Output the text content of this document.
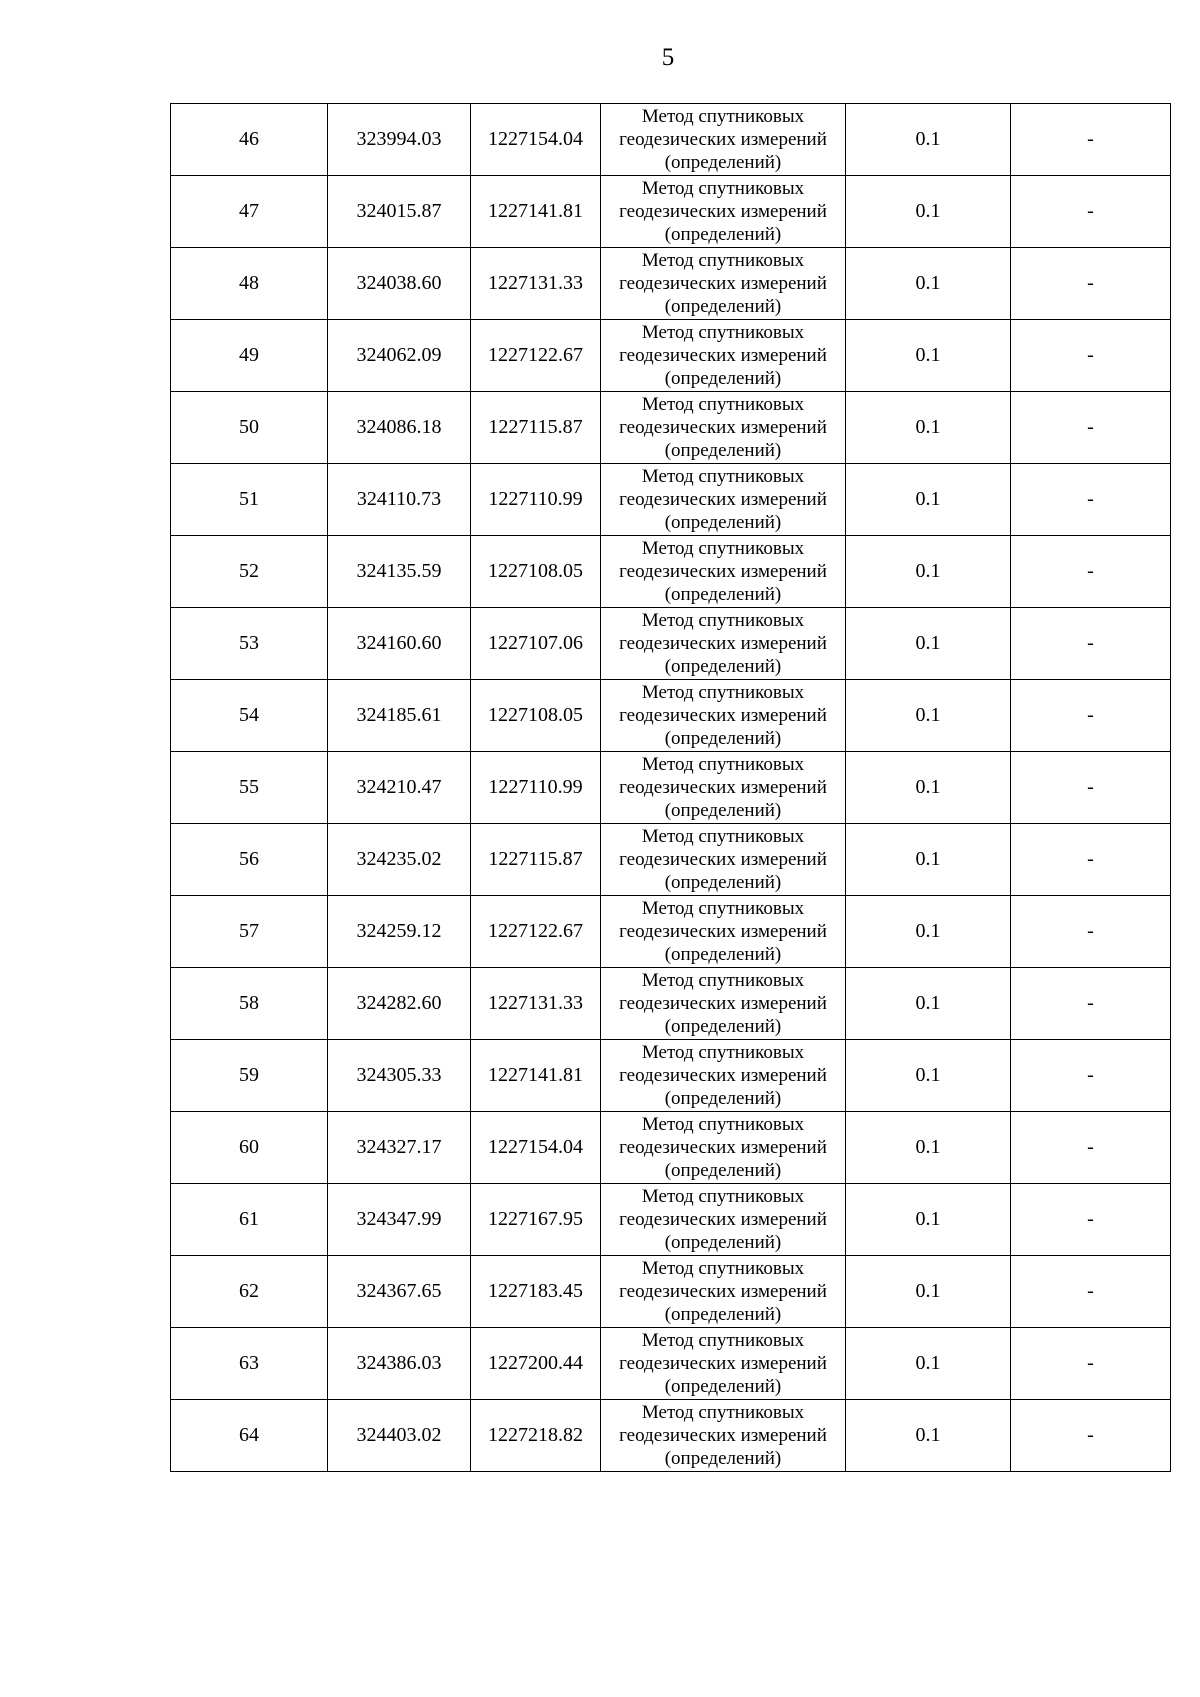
5
46	323994.03	1227154.04	Метод спутниковых
геодезических измерений
(определений)	0.1	-
47	324015.87	1227141.81	Метод спутниковых
геодезических измерений
(определений)	0.1	-
48	324038.60	1227131.33	Метод спутниковых
геодезических измерений
(определений)	0.1	-
49	324062.09	1227122.67	Метод спутниковых
геодезических измерений
(определений)	0.1	-
50	324086.18	1227115.87	Метод спутниковых
геодезических измерений
(определений)	0.1	-
51	324110.73	1227110.99	Метод спутниковых
геодезических измерений
(определений)	0.1	-
52	324135.59	1227108.05	Метод спутниковых
геодезических измерений
(определений)	0.1	-
53	324160.60	1227107.06	Метод спутниковых
геодезических измерений
(определений)	0.1	-
54	324185.61	1227108.05	Метод спутниковых
геодезических измерений
(определений)	0.1	-
55	324210.47	1227110.99	Метод спутниковых
геодезических измерений
(определений)	0.1	-
56	324235.02	1227115.87	Метод спутниковых
геодезических измерений
(определений)	0.1	-
57	324259.12	1227122.67	Метод спутниковых
геодезических измерений
(определений)	0.1	-
58	324282.60	1227131.33	Метод спутниковых
геодезических измерений
(определений)	0.1	-
59	324305.33	1227141.81	Метод спутниковых
геодезических измерений
(определений)	0.1	-
60	324327.17	1227154.04	Метод спутниковых
геодезических измерений
(определений)	0.1	-
61	324347.99	1227167.95	Метод спутниковых
геодезических измерений
(определений)	0.1	-
62	324367.65	1227183.45	Метод спутниковых
геодезических измерений
(определений)	0.1	-
63	324386.03	1227200.44	Метод спутниковых
геодезических измерений
(определений)	0.1	-
64	324403.02	1227218.82	Метод спутниковых
геодезических измерений
(определений)	0.1	-
